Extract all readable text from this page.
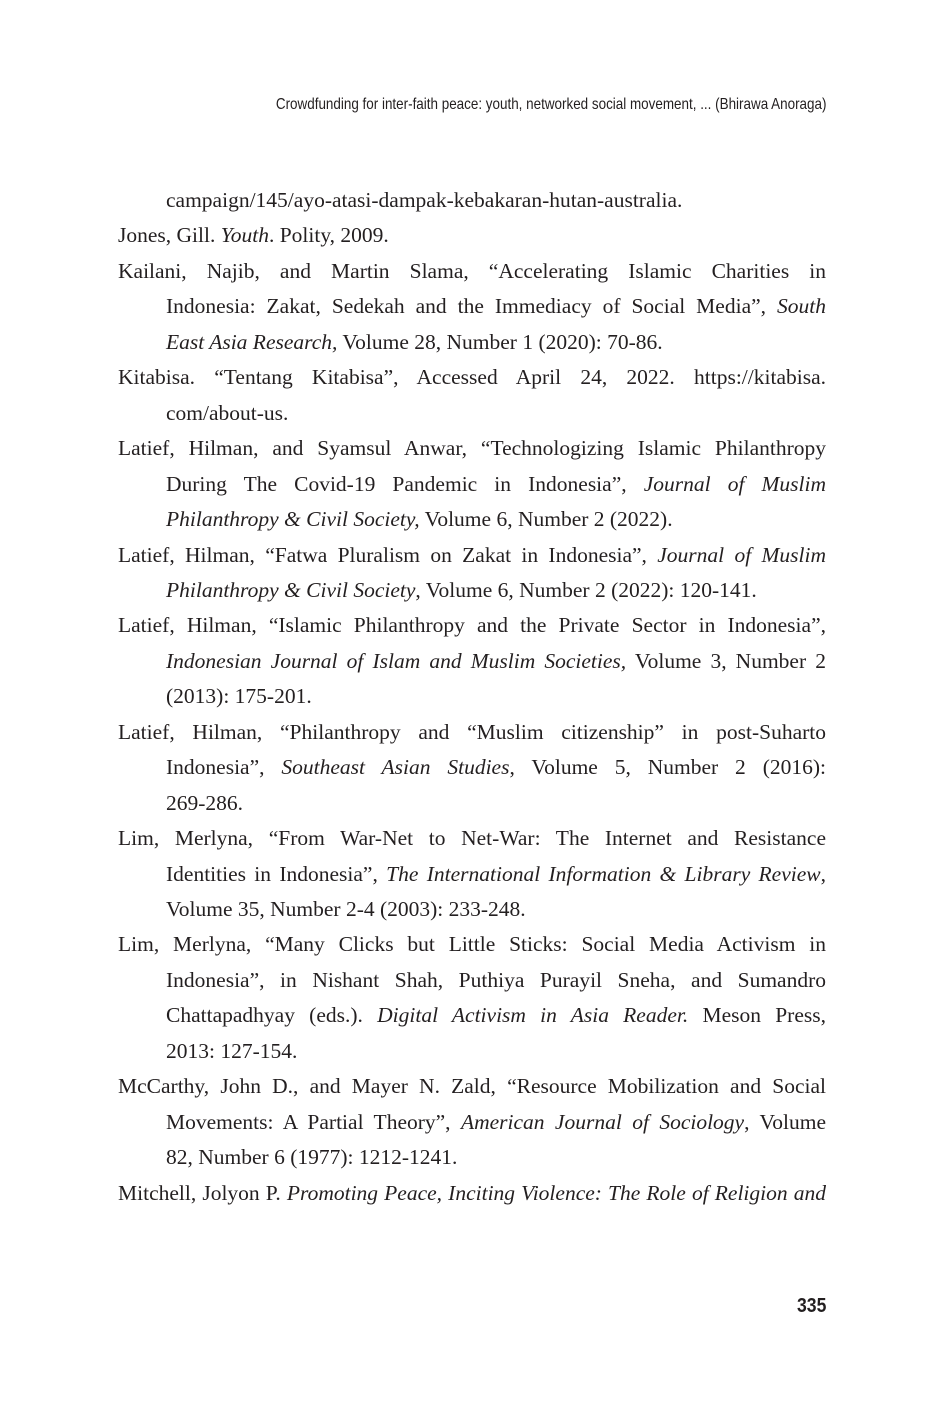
Crowdfunding for inter-faith peace: youth, networked social movement, ... (Bhirawa Anoraga)
campaign/145/ayo-atasi-dampak-kebakaran-hutan-australia.
Jones, Gill. Youth. Polity, 2009.
Kailani, Najib, and Martin Slama, “Accelerating Islamic Charities in
Indonesia: Zakat, Sedekah and the Immediacy of Social Media”, South
East Asia Research, Volume 28, Number 1 (2020): 70-86.
Kitabisa. “Tentang Kitabisa”, Accessed April 24, 2022. https://kitabisa.
com/about-us.
Latief, Hilman, and Syamsul Anwar, “Technologizing Islamic Philanthropy
During The Covid-19 Pandemic in Indonesia”, Journal of Muslim
Philanthropy & Civil Society, Volume 6, Number 2 (2022).
Latief, Hilman, “Fatwa Pluralism on Zakat in Indonesia”, Journal of Muslim
Philanthropy & Civil Society, Volume 6, Number 2 (2022): 120-141.
Latief, Hilman, “Islamic Philanthropy and the Private Sector in Indonesia”,
Indonesian Journal of Islam and Muslim Societies, Volume 3, Number 2
(2013): 175-201.
Latief, Hilman, “Philanthropy and “Muslim citizenship” in post-Suharto
Indonesia”, Southeast Asian Studies, Volume 5, Number 2 (2016):
269-286.
Lim, Merlyna, “From War-Net to Net-War: The Internet and Resistance
Identities in Indonesia”, The International Information & Library Review,
Volume 35, Number 2-4 (2003): 233-248.
Lim, Merlyna, “Many Clicks but Little Sticks: Social Media Activism in
Indonesia”, in Nishant Shah, Puthiya Purayil Sneha, and Sumandro
Chattapadhyay (eds.). Digital Activism in Asia Reader. Meson Press,
2013: 127-154.
McCarthy, John D., and Mayer N. Zald, “Resource Mobilization and Social
Movements: A Partial Theory”, American Journal of Sociology, Volume
82, Number 6 (1977): 1212-1241.
Mitchell, Jolyon P. Promoting Peace, Inciting Violence: The Role of Religion and
335
